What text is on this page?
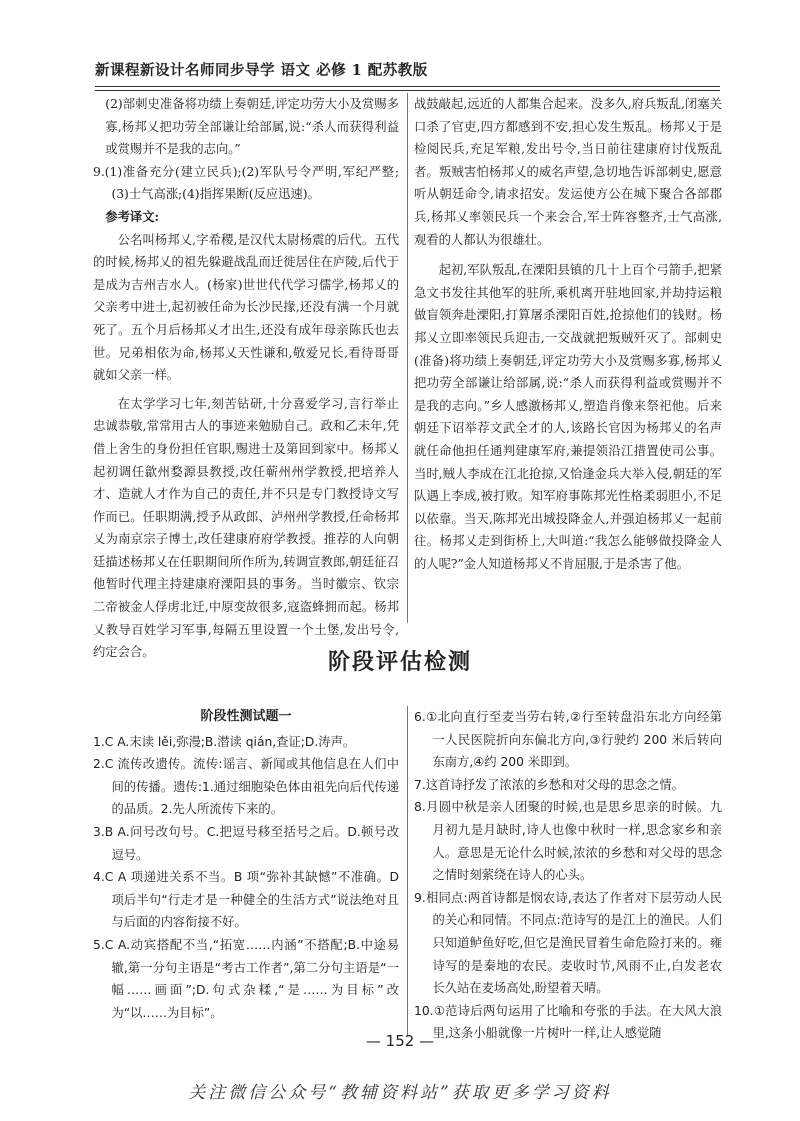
新课程新设计名师同步导学 语文 必修 1 配苏教版

(2)部刺史准备将功绩上奏朝廷,评定功劳大小及赏赐多寡,杨邦乂把功劳全部谦让给部属,说:“杀人而获得利益或赏赐并不是我的志向。”

9.(1)准备充分(建立民兵);(2)军队号令严明,军纪严整;(3)士气高涨;(4)指挥果断(反应迅速)。

参考译文:

公名叫杨邦乂,字希稷,是汉代太尉杨震的后代。五代的时候,杨邦乂的祖先躲避战乱而迁徙居住在庐陵,后代于是成为吉州吉水人。(杨家)世世代代学习儒学,杨邦乂的父亲考中进士,起初被任命为长沙民掾,还没有满一个月就死了。五个月后杨邦乂才出生,还没有成年母亲陈氏也去世。兄弟相依为命,杨邦乂天性谦和,敬爱兄长,看待哥哥就如父亲一样。

在太学学习七年,刻苦钻研,十分喜爱学习,言行举止忠诚恭敬,常常用古人的事迹来勉励自己。政和乙未年,凭借上舍生的身份担任官职,赐进士及第回到家中。杨邦乂起初调任歙州婺源县教授,改任蕲州州学教授,把培养人才、造就人才作为自己的责任,并不只是专门教授诗文写作而已。任职期满,授予从政郎、泸州州学教授,任命杨邦乂为南京宗子博士,改任建康府府学教授。推荐的人向朝廷描述杨邦乂在任职期间所作所为,转调宣教郎,朝廷征召他暂时代理主持建康府溧阳县的事务。当时徽宗、钦宗二帝被金人俘虏北迁,中原变故很多,寇盗蜂拥而起。杨邦乂教导百姓学习军事,每隔五里设置一个土堡,发出号令,约定会合。

战鼓敲起,远近的人都集合起来。没多久,府兵叛乱,闭塞关口杀了官吏,四方都感到不安,担心发生叛乱。杨邦乂于是检阅民兵,充足军粮,发出号令,当日前往建康府讨伐叛乱者。叛贼害怕杨邦乂的威名声望,急切地告诉部刺史,愿意听从朝廷命令,请求招安。发运使方公在城下聚合各部郡兵,杨邦乂率领民兵一个来会合,军士阵容整齐,士气高涨,观看的人都认为很雄壮。

起初,军队叛乱,在溧阳县镇的几十上百个弓箭手,把紧急文书发往其他军的驻所,乘机离开驻地回家,并劫持运粮做盲领奔赴溧阳,打算屠杀溧阳百姓,抢掠他们的钱财。杨邦乂立即率领民兵迎击,一交战就把叛贼歼灭了。部刺史(准备)将功绩上奏朝廷,评定功劳大小及赏赐多寡,杨邦乂把功劳全部谦让给部属,说:“杀人而获得利益或赏赐并不是我的志向。”乡人感激杨邦乂,塑造肖像来祭祀他。后来朝廷下诏举荐文武全才的人,该路长官因为杨邦乂的名声就任命他担任通判建康军府,兼提领沿江措置使司公事。当时,贼人李成在江北抢掠,又恰逢金兵大举入侵,朝廷的军队遇上李成,被打败。知军府事陈邦光性格柔弱胆小,不足以依靠。当天,陈邦光出城投降金人,并强迫杨邦乂一起前往。杨邦乂走到街桥上,大叫道:“我怎么能够做投降金人的人呢?”金人知道杨邦乂不肯屈服,于是杀害了他。

阶段评估检测
阶段性测试题一

1.C A.末读 lěi,弥漫;B.潜读 qián,查证;D.涛声。

2.C 流传改遗传。流传:谣言、新闻或其他信息在人们中间的传播。遗传:1.通过细胞染色体由祖先向后代传递的品质。2.先人所流传下来的。

3.B A.问号改句号。C.把逗号移至括号之后。D.顿号改逗号。

4.C A 项递进关系不当。B 项“弥补其缺憾”不准确。D 项后半句“行走才是一种健全的生活方式”说法绝对且与后面的内容衔接不好。

5.C A.动宾搭配不当,“拓宽……内涵”不搭配;B.中途易辙,第一分句主语是“考古工作者”,第二分句主语是“一幅……画面”;D.句式杂糅,“是……为目标”改为“以……为目标”。

6.①北向直行至麦当劳右转,②行至转盘沿东北方向经第一人民医院折向东偏北方向,③行驶约 200 米后转向东南方,④约 200 米即到。

7.这首诗抒发了浓浓的乡愁和对父母的思念之情。

8.月圆中秋是亲人团聚的时候,也是思乡思亲的时候。九月初九是月缺时,诗人也像中秋时一样,思念家乡和亲人。意思是无论什么时候,浓浓的乡愁和对父母的思念之情时刻萦绕在诗人的心头。

9.相同点:两首诗都是悯农诗,表达了作者对下层劳动人民的关心和同情。不同点:范诗写的是江上的渔民。人们只知道鲈鱼好吃,但它是渔民冒着生命危险打来的。雍诗写的是秦地的农民。麦收时节,风雨不止,白发老农长久站在麦场高处,盼望着天晴。

10.①范诗后两句运用了比喻和夸张的手法。在大风大浪里,这条小船就像一片树叶一样,让人感觉随

— 152 —
关注微信公众号“教辅资料站”获取更多学习资料
